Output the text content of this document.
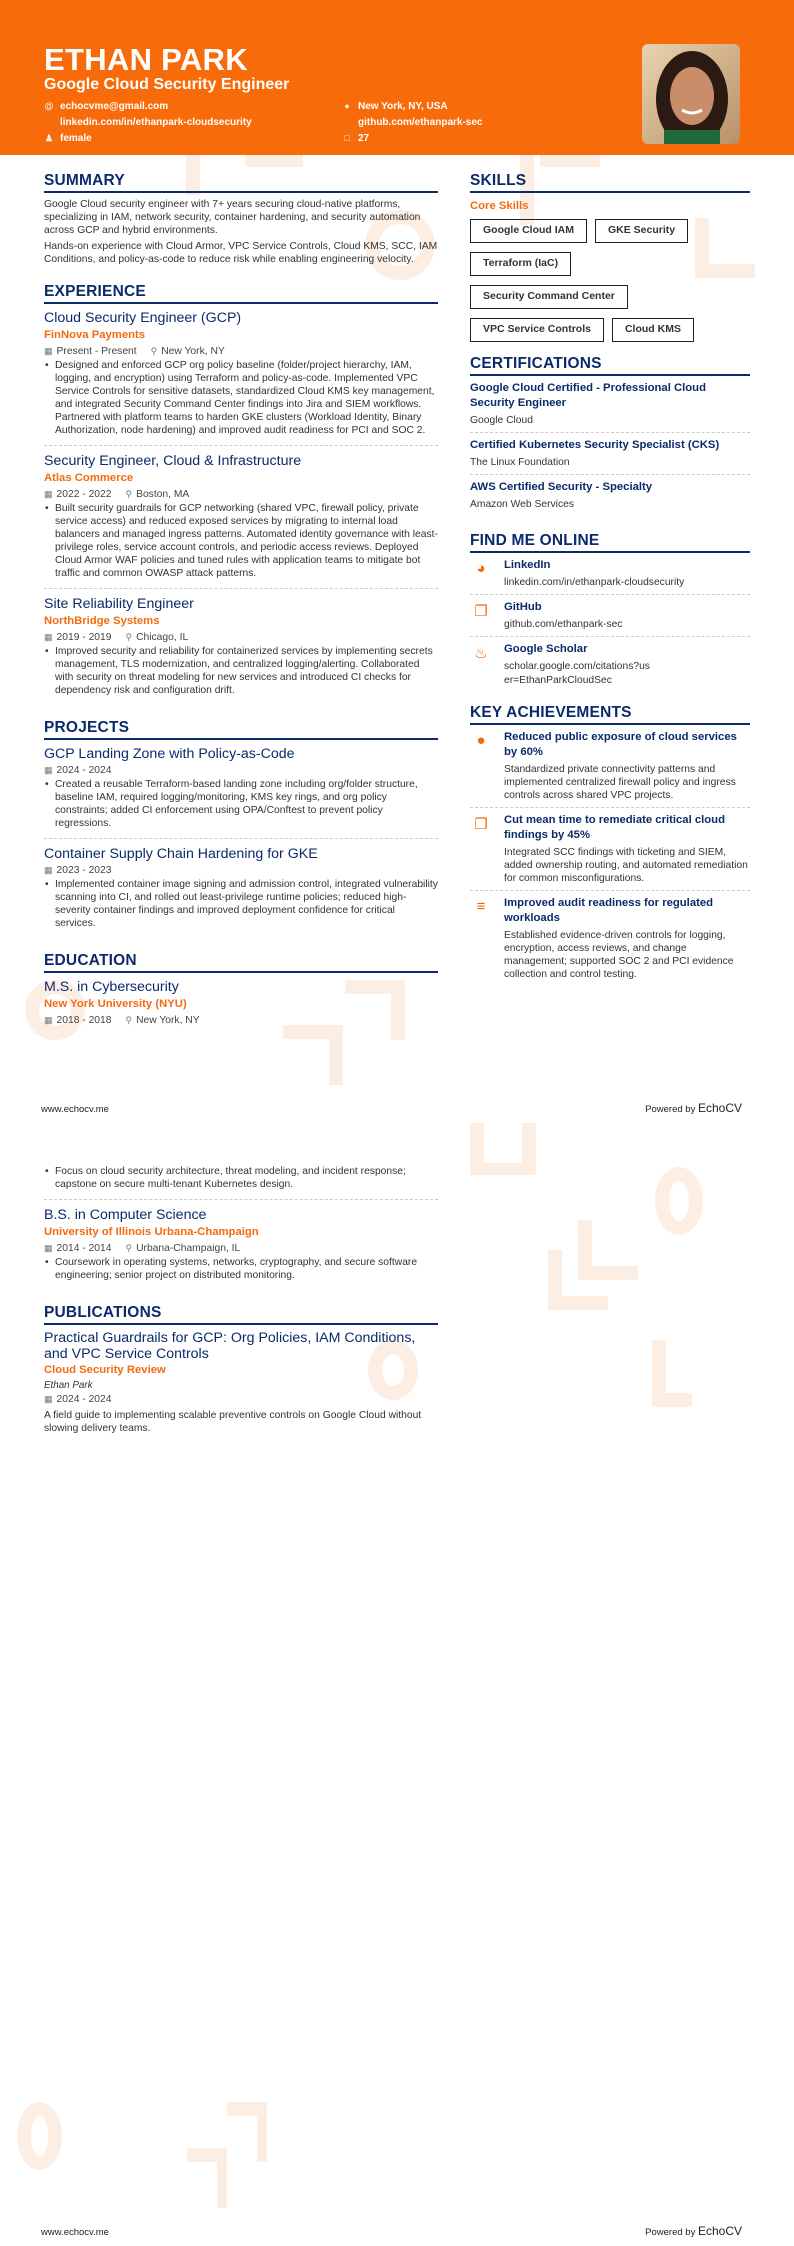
ETHAN PARK
Google Cloud Security Engineer
@ echocvme@gmail.com
linkedin.com/in/ethanpark-cloudsecurity
♟ female
● New York, NY, USA
github.com/ethanpark-sec
□ 27
SUMMARY

Google Cloud security engineer with 7+ years securing cloud-native platforms, specializing in IAM, network security, container hardening, and security automation across GCP and hybrid environments.

Hands-on experience with Cloud Armor, VPC Service Controls, Cloud KMS, SCC, IAM Conditions, and policy-as-code to reduce risk while enabling engineering velocity.

EXPERIENCE
Cloud Security Engineer (GCP)
FinNova Payments
▦ Present - Present ⚲ New York, NY
• Designed and enforced GCP org policy baseline (folder/project hierarchy, IAM, logging, and encryption) using Terraform and policy-as-code. Implemented VPC Service Controls for sensitive datasets, standardized Cloud KMS key management, and integrated Security Command Center findings into Jira and SIEM workflows. Partnered with platform teams to harden GKE clusters (Workload Identity, Binary Authorization, node hardening) and improved audit readiness for PCI and SOC 2.
Security Engineer, Cloud & Infrastructure
Atlas Commerce
▦ 2022 - 2022 ⚲ Boston, MA
• Built security guardrails for GCP networking (shared VPC, firewall policy, private service access) and reduced exposed services by migrating to internal load balancers and managed ingress patterns. Automated identity governance with least-privilege roles, service account controls, and periodic access reviews. Deployed Cloud Armor WAF policies and tuned rules with application teams to mitigate bot traffic and common OWASP attack patterns.
Site Reliability Engineer
NorthBridge Systems
▦ 2019 - 2019 ⚲ Chicago, IL
• Improved security and reliability for containerized services by implementing secrets management, TLS modernization, and centralized logging/alerting. Collaborated with security on threat modeling for new services and introduced CI checks for dependency risk and configuration drift.
PROJECTS
GCP Landing Zone with Policy-as-Code
▦ 2024 - 2024
• Created a reusable Terraform-based landing zone including org/folder structure, baseline IAM, required logging/monitoring, KMS key rings, and org policy constraints; added CI enforcement using OPA/Conftest to prevent policy regressions.
Container Supply Chain Hardening for GKE
▦ 2023 - 2023
• Implemented container image signing and admission control, integrated vulnerability scanning into CI, and rolled out least-privilege runtime policies; reduced high-severity container findings and improved deployment confidence for critical services.
EDUCATION
M.S. in Cybersecurity
New York University (NYU)
▦ 2018 - 2018 ⚲ New York, NY
SKILLS
Core Skills
Google Cloud IAM	GKE Security
Terraform (IaC)
Security Command Center
VPC Service Controls	Cloud KMS
CERTIFICATIONS
Google Cloud Certified - Professional Cloud Security Engineer
Google Cloud
Certified Kubernetes Security Specialist (CKS)
The Linux Foundation
AWS Certified Security - Specialty
Amazon Web Services
FIND ME ONLINE
◕	LinkedIn
linkedin.com/in/ethanpark-cloudsecurity
❐	GitHub
github.com/ethanpark-sec
♨	Google Scholar
scholar.google.com/citations?user=EthanParkCloudSec
KEY ACHIEVEMENTS
●	Reduced public exposure of cloud services by 60%
Standardized private connectivity patterns and implemented centralized firewall policy and ingress controls across shared VPC projects.
❐	Cut mean time to remediate critical cloud findings by 45%
Integrated SCC findings with ticketing and SIEM, added ownership routing, and automated remediation for common misconfigurations.
≡	Improved audit readiness for regulated workloads
Established evidence-driven controls for logging, encryption, access reviews, and change management; supported SOC 2 and PCI evidence collection and control testing.
www.echocv.me	Powered by EchoCV
• Focus on cloud security architecture, threat modeling, and incident response; capstone on secure multi-tenant Kubernetes design.
B.S. in Computer Science
University of Illinois Urbana-Champaign
▦ 2014 - 2014 ⚲ Urbana-Champaign, IL
• Coursework in operating systems, networks, cryptography, and secure software engineering; senior project on distributed monitoring.
PUBLICATIONS
Practical Guardrails for GCP: Org Policies, IAM Conditions, and VPC Service Controls
Cloud Security Review
Ethan Park
▦ 2024 - 2024

A field guide to implementing scalable preventive controls on Google Cloud without slowing delivery teams.

www.echocv.me	Powered by EchoCV
